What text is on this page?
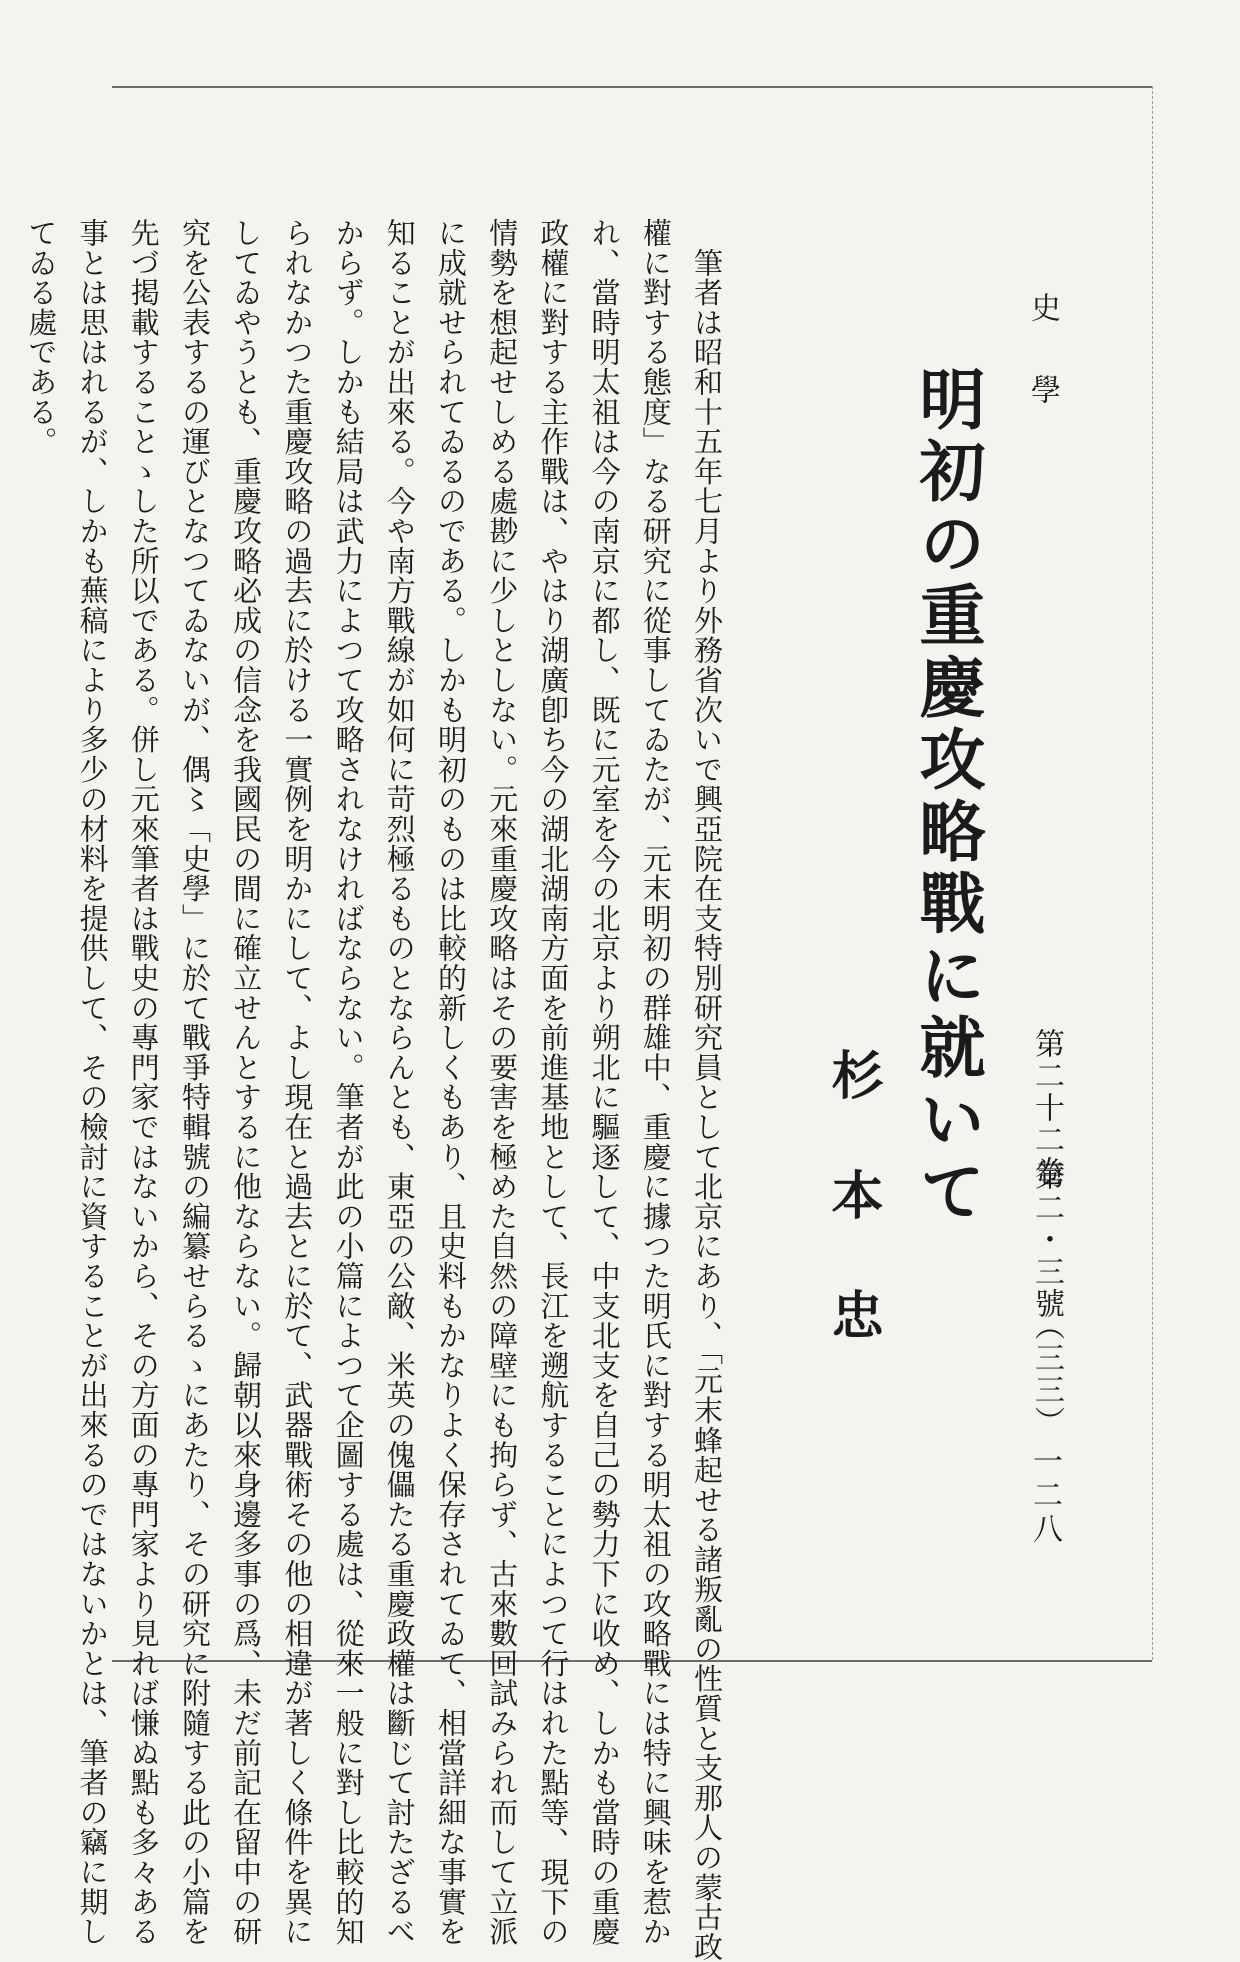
史學
第二十二卷
第二・三號
（三三）
一二八
明初の重慶攻略戰に就いて
杉本忠

　筆者は昭和十五年七月より外務省次いで興亞院在支特別研究員として北京にあり、「元末蜂起せる諸叛亂の性質と支那人の蒙古政

權に對する態度」なる研究に從事してゐたが、元末明初の群雄中、重慶に據つた明氏に對する明太祖の攻略戰には特に興味を惹か

れ、當時明太祖は今の南京に都し、既に元室を今の北京より朔北に驅逐して、中支北支を自己の勢力下に收め、しかも當時の重慶

政權に對する主作戰は、やはり湖廣卽ち今の湖北湖南方面を前進基地として、長江を遡航することによつて行はれた點等、現下の

情勢を想起せしめる處尠に少しとしない。元來重慶攻略はその要害を極めた自然の障壁にも拘らず、古來數回試みられ而して立派

に成就せられてゐるのである。しかも明初のものは比較的新しくもあり、且史料もかなりよく保存されてゐて、相當詳細な事實を

知ることが出來る。今や南方戰線が如何に苛烈極るものとならんとも、東亞の公敵、米英の傀儡たる重慶政權は斷じて討たざるべ

からず。しかも結局は武力によつて攻略されなければならない。筆者が此の小篇によつて企圖する處は、從來一般に對し比較的知

られなかつた重慶攻略の過去に於ける一實例を明かにして、よし現在と過去とに於て、武器戰術その他の相違が著しく條件を異に

してゐやうとも、重慶攻略必成の信念を我國民の間に確立せんとするに他ならない。歸朝以來身邊多事の爲、未だ前記在留中の研

究を公表するの運びとなつてゐないが、偶〻「史學」に於て戰爭特輯號の編纂せらるゝにあたり、その研究に附隨する此の小篇を

先づ掲載することゝした所以である。併し元來筆者は戰史の專門家ではないから、その方面の專門家より見れば慊ぬ點も多々ある

事とは思はれるが、しかも蕪稿により多少の材料を提供して、その檢討に資することが出來るのではないかとは、筆者の竊に期し

てゐる處である。
